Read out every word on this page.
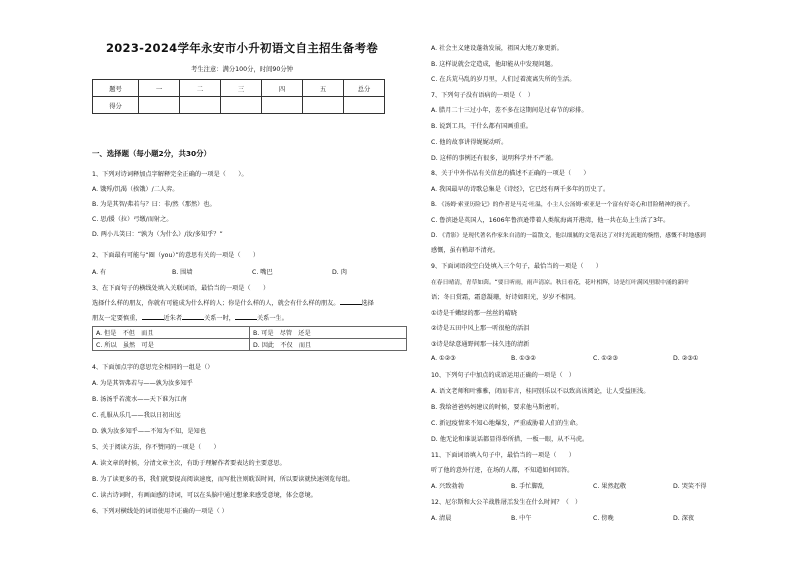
2023-2024学年永安市小升初语文自主招生备考卷
考生注意：满分100分，时间90分钟
题号	一	二	三	四	五	总分
得分						
一、选择题（每小题2分，共30分）
1、下列对诗词释加点字解释完全正确的一项是（　　）。
A. 饿殍/饥渴（挨饿）/二人弈。
B. 为是其智/弗若与？曰：非/然（那然）也。
C. 思/援（拉）弓缴/而射之。
D. 两小儿笑曰：“孰为（为什么）/汝/多知乎？”
2、下面最有可能与“圈（you）”的意思有关的一项是（　　）
A. 有	B. 围墙	C. 嘴巴	D. 肉
3、在下面句子的横线处填入关联词语，最恰当的一项是（　　）
选择什么样的朋友，你就有可能成为什么样的人；你是什么样的人，就会有什么样的朋友。	选择
朋友一定要慎重，	近朱者	关系一时，	关系一生。
A. 但是　不但　而且	B. 可是　尽管　还是
C. 所以　虽然　可是	D. 因此　不仅　而且
4、下面加点字的意思完全相同的一组是（）
A. 为是其智弗若与——孰为汝多知乎
B. 汤汤乎若流水——天下谁为江南
C. 孔服从乐几——我以日初出远
D. 孰为汝多知乎——不知为不知，是知也
5、关于阅读方法，你不赞同的一项是（　　）
A. 读文章的时候，分清文章主次，有助于理解作者要表达的主要意思。
B. 为了读更多的书，我们就要提高阅读速度，而写批注则耽误时间，所以要读就快速浏览每组。
C. 读古诗词时，有画面感的诗词，可以在头脑中通过想象来感受意境，体会意境。
6、下列对横线处的词语使用不正确的一项是（ ）
A. 社会主义建设蓬勃发展，祖国大地万象更新。
B. 这样说就会定造成，他却能从中发现问题。
C. 在兵荒马乱的岁月里，人们过着流离失所的生活。
7、下列句子没有语病的一项是（　）
A. 腊月二十三过小年，差不多在这期间是过春节的彩排。
B. 说到工具，干什么都有国画重重。
C. 他的故事讲得娓娓动听。
D. 这样的事例还有很多，说明科学并不严谨。
8、关于中外作品有关信息的描述不正确的一项是（　　）
A. 我国最早的诗歌总集是《诗经》，它已经有两千多年的历史了。
B. 《汤姆·索亚历险记》的作者是马克·吐温，小主人公汤姆·索亚是一个富有好奇心和冒险精神的孩子。
C. 鲁滨逊是英国人，1606年鲁滨逊带着人类航海离开港湾，他一共在岛上生活了3年。
D. 《背影》是现代著名作家朱自清的一篇散文，他以细腻的文笔表达了对时光流逝的惋惜，感慨不时地感到
感慨，虽有稍却不清亮。
9、下面词语段空白处填入三个句子，最恰当的一项是（　　）
在春日晴清，青草如茵。“要日听雨，雨声清凉。秋日看花，花叶相辉，诗是红叶满风里眼中涌的新叶
语；冬日赏霜，霜意凝珊，好诗如阳光，岁岁不相同。
①诗是千嫩绿的那一丝丝的晴晓
②诗是五田中风上那一听很枪的活泪
③诗是绿意通野间那一抹久违的清新
A. ①②③	B. ①③②	C. ①②③	D. ②③①
10、下列句子中加点的成语运用正确的一项是（　）
A. 语文老师和叶雅雅，闭而非言，桂同别乐以不以致高该阅论，让人受益匪浅。
B. 我给爸爸妈妈建议的时候，要求他马斯密听。
C. 新冠疫情来不知心地爆发，严重威胁着人们的生命。
D. 他无论和谁说话都显得举所措，一板一眼，从不马虎。
11、下面词语填入句子中，最恰当的一项是（　　）
听了他的意外行迹，在场的人都，不知道如何回答。
A. 兴致勃勃	B. 手忙脚乱	C. 果然起敬	D. 哭笑不得
12、尼尔斯和大公羊战胜屠羔发生在什么时间？（　）
A. 清晨	B. 中午	C. 傍晚	D. 深夜
